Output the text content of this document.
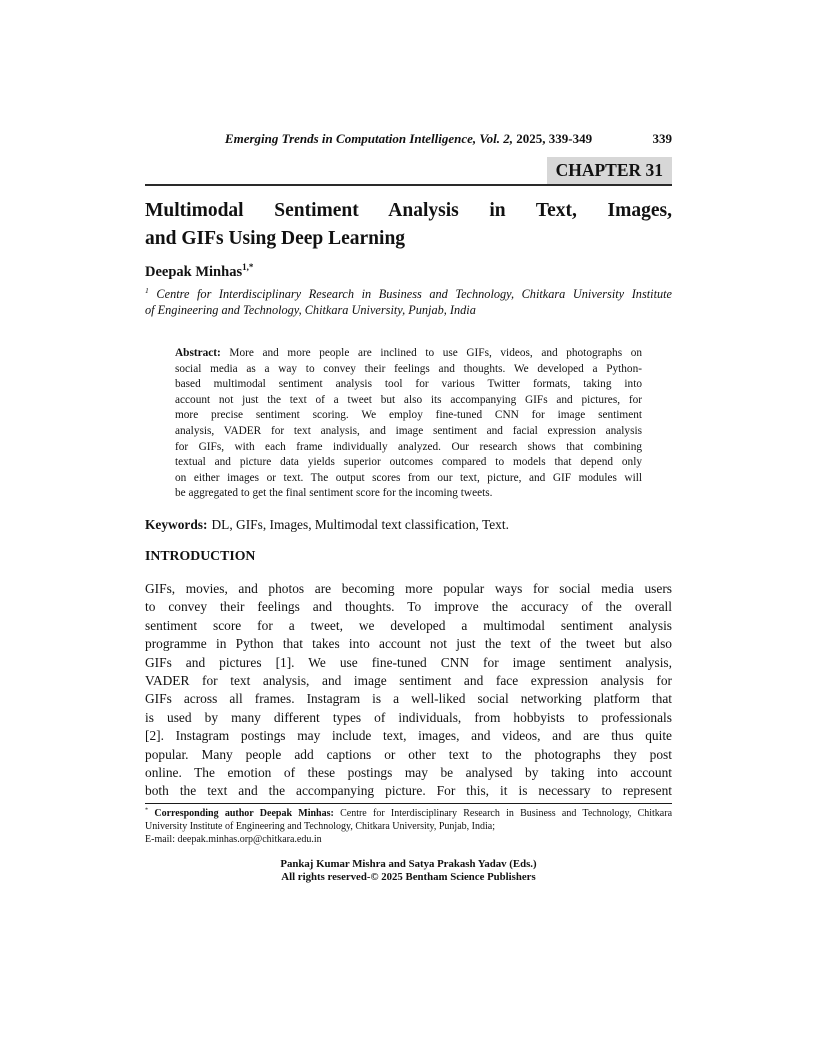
Emerging Trends in Computation Intelligence, Vol. 2, 2025, 339-349	339
CHAPTER 31
Multimodal Sentiment Analysis in Text, Images,
and GIFs Using Deep Learning
Deepak Minhas$^{1,*}$
$^1$ Centre for Interdisciplinary Research in Business and Technology, Chitkara University Institute
of Engineering and Technology, Chitkara University, Punjab, India
Abstract: More and more people are inclined to use GIFs, videos, and photographs on
social media as a way to convey their feelings and thoughts. We developed a Python-
based multimodal sentiment analysis tool for various Twitter formats, taking into
account not just the text of a tweet but also its accompanying GIFs and pictures, for
more precise sentiment scoring. We employ fine-tuned CNN for image sentiment
analysis, VADER for text analysis, and image sentiment and facial expression analysis
for GIFs, with each frame individually analyzed. Our research shows that combining
textual and picture data yields superior outcomes compared to models that depend only
on either images or text. The output scores from our text, picture, and GIF modules will
be aggregated to get the final sentiment score for the incoming tweets.
Keywords: DL, GIFs, Images, Multimodal text classification, Text.
INTRODUCTION
GIFs, movies, and photos are becoming more popular ways for social media users
to convey their feelings and thoughts. To improve the accuracy of the overall
sentiment score for a tweet, we developed a multimodal sentiment analysis
programme in Python that takes into account not just the text of the tweet but also
GIFs and pictures [1]. We use fine-tuned CNN for image sentiment analysis,
VADER for text analysis, and image sentiment and face expression analysis for
GIFs across all frames. Instagram is a well-liked social networking platform that
is used by many different types of individuals, from hobbyists to professionals
[2]. Instagram postings may include text, images, and videos, and are thus quite
popular. Many people add captions or other text to the photographs they post
online. The emotion of these postings may be analysed by taking into account
both the text and the accompanying picture. For this, it is necessary to represent
* Corresponding author Deepak Minhas: Centre for Interdisciplinary Research in Business and Technology, Chitkara
University Institute of Engineering and Technology, Chitkara University, Punjab, India;
E-mail: deepak.minhas.orp@chitkara.edu.in
Pankaj Kumar Mishra and Satya Prakash Yadav (Eds.)
All rights reserved-© 2025 Bentham Science Publishers
